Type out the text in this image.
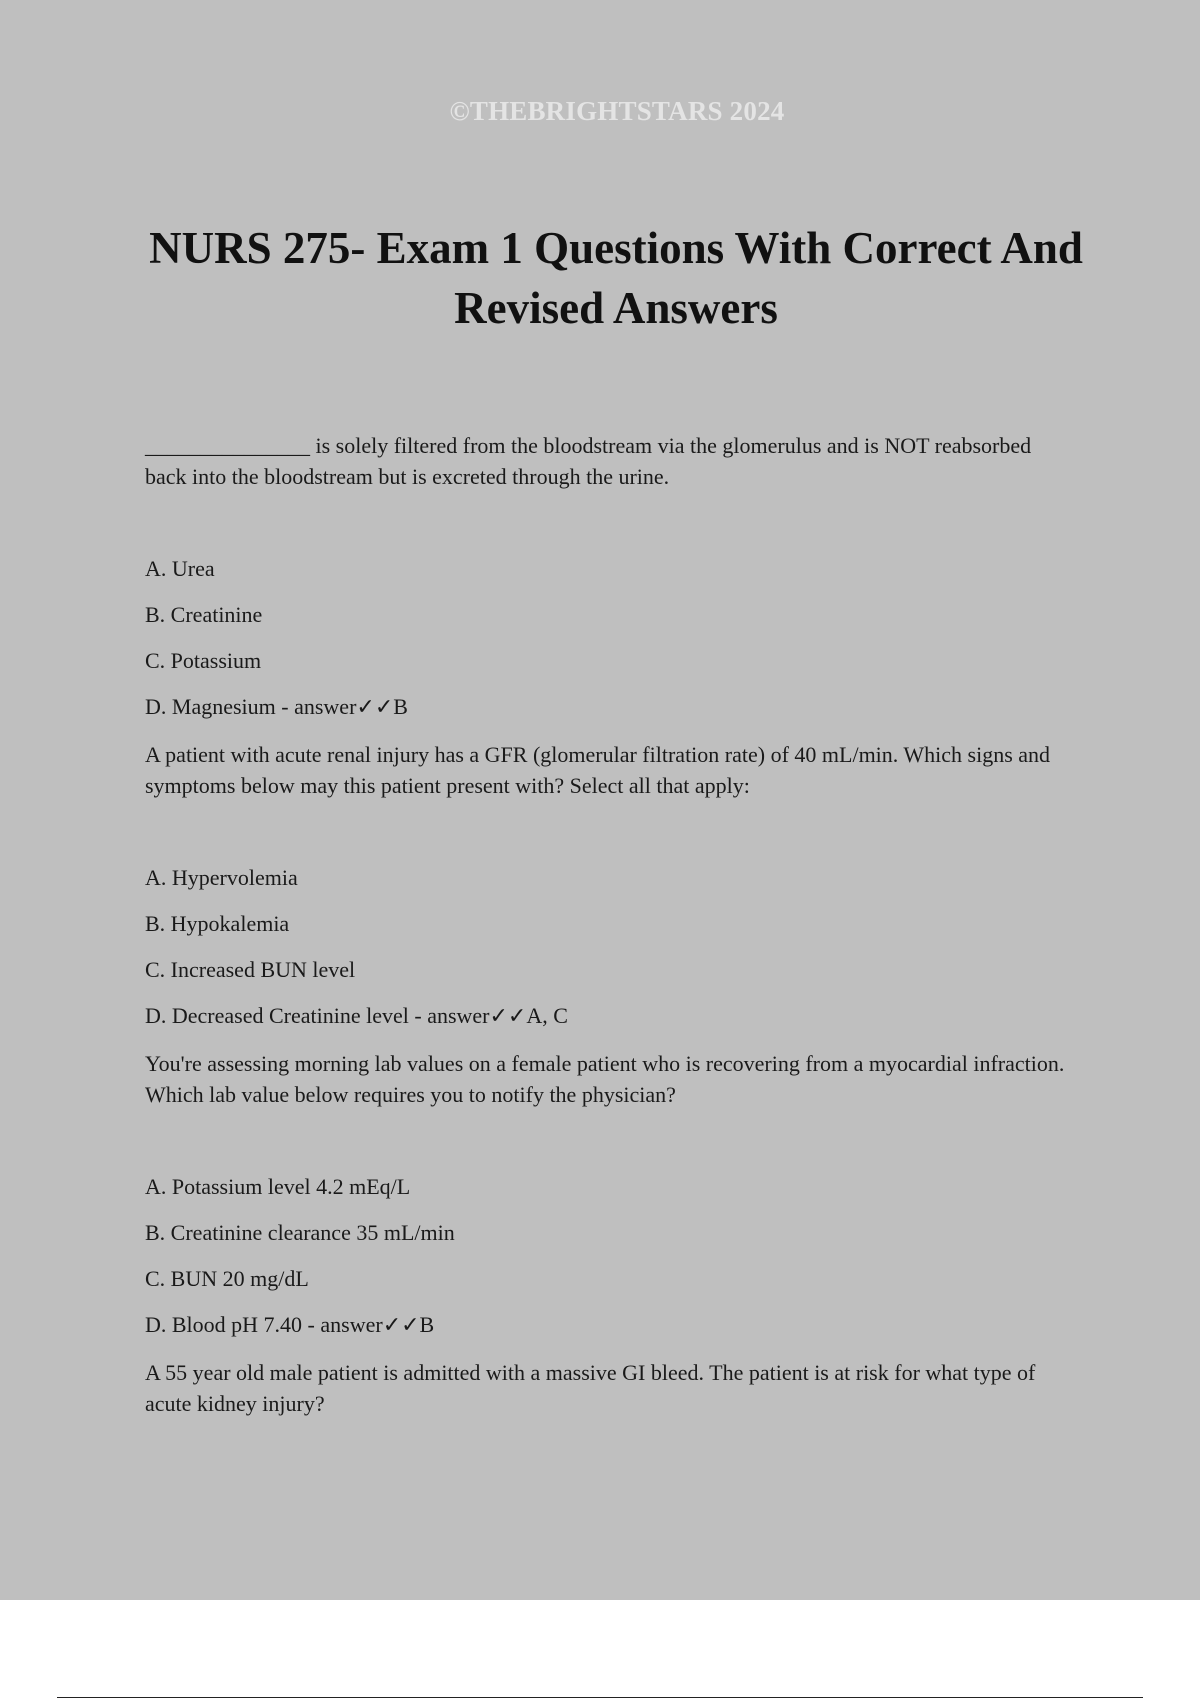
©THEBRIGHTSTARS 2024
NURS 275- Exam 1 Questions With Correct And Revised Answers

_______________ is solely filtered from the bloodstream via the glomerulus and is NOT reabsorbed back into the bloodstream but is excreted through the urine.

A. Urea

B. Creatinine

C. Potassium

D. Magnesium - answer✓✓B

A patient with acute renal injury has a GFR (glomerular filtration rate) of 40 mL/min. Which signs and symptoms below may this patient present with? Select all that apply:

A. Hypervolemia

B. Hypokalemia

C. Increased BUN level

D. Decreased Creatinine level - answer✓✓A, C

You're assessing morning lab values on a female patient who is recovering from a myocardial infraction. Which lab value below requires you to notify the physician?

A. Potassium level 4.2 mEq/L

B. Creatinine clearance 35 mL/min

C. BUN 20 mg/dL

D. Blood pH 7.40 - answer✓✓B

A 55 year old male patient is admitted with a massive GI bleed. The patient is at risk for what type of acute kidney injury?
